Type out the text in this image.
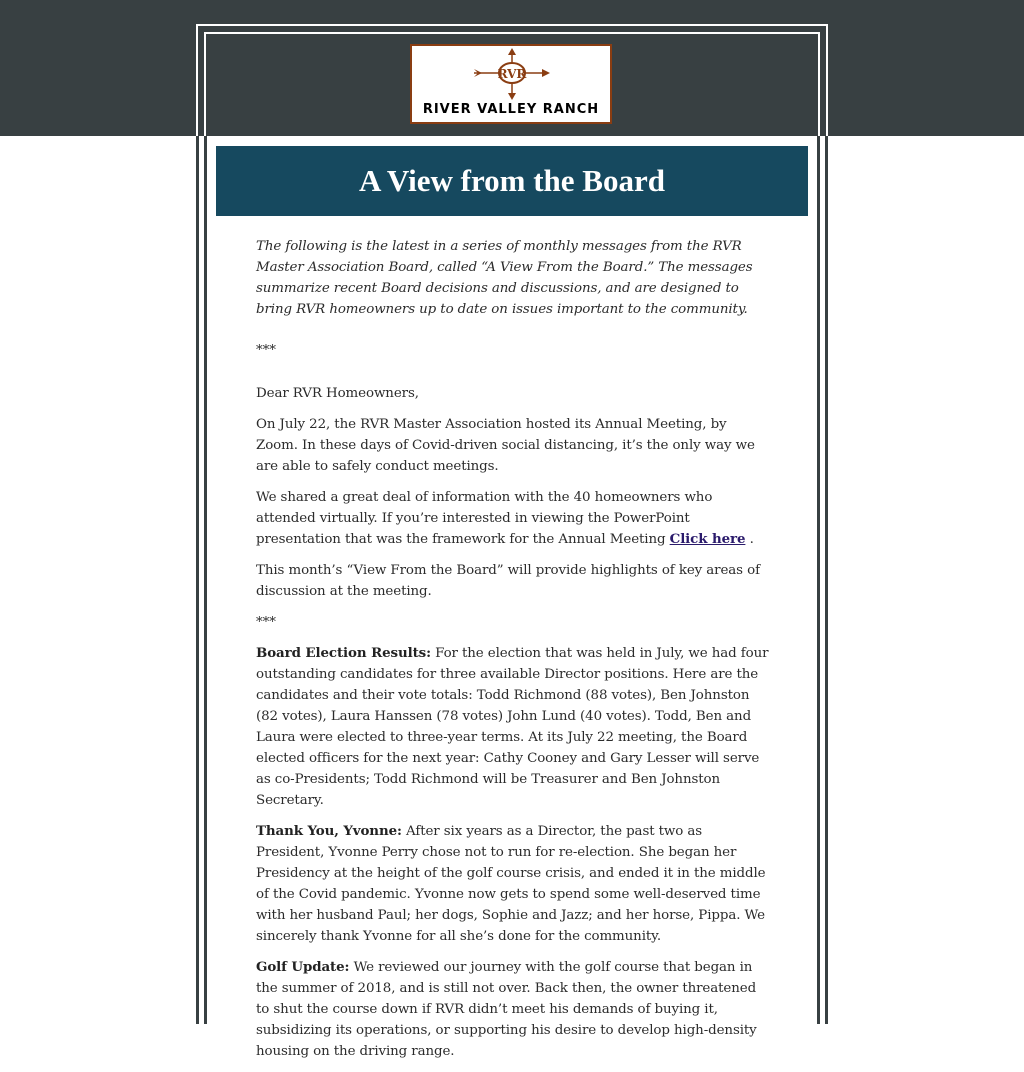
RVR
RIVER VALLEY RANCH
A View from the Board

The following is the latest in a series of monthly messages from the RVR Master Association Board, called “A View From the Board.” The messages summarize recent Board decisions and discussions, and are designed to bring RVR homeowners up to date on issues important to the community.

***

Dear RVR Homeowners,

On July 22, the RVR Master Association hosted its Annual Meeting, by Zoom. In these days of Covid-driven social distancing, it’s the only way we are able to safely conduct meetings.

We shared a great deal of information with the 40 homeowners who attended virtually. If you’re interested in viewing the PowerPoint presentation that was the framework for the Annual Meeting Click here .

This month’s “View From the Board” will provide highlights of key areas of discussion at the meeting.

***

Board Election Results: For the election that was held in July, we had four outstanding candidates for three available Director positions. Here are the candidates and their vote totals: Todd Richmond (88 votes), Ben Johnston (82 votes), Laura Hanssen (78 votes) John Lund (40 votes). Todd, Ben and Laura were elected to three-year terms. At its July 22 meeting, the Board elected officers for the next year: Cathy Cooney and Gary Lesser will serve as co-Presidents; Todd Richmond will be Treasurer and Ben Johnston Secretary.

Thank You, Yvonne: After six years as a Director, the past two as President, Yvonne Perry chose not to run for re-election. She began her Presidency at the height of the golf course crisis, and ended it in the middle of the Covid pandemic. Yvonne now gets to spend some well-deserved time with her husband Paul; her dogs, Sophie and Jazz; and her horse, Pippa. We sincerely thank Yvonne for all she’s done for the community.

Golf Update: We reviewed our journey with the golf course that began in the summer of 2018, and is still not over. Back then, the owner threatened to shut the course down if RVR didn’t meet his demands of buying it, subsidizing its operations, or supporting his desire to develop high-density housing on the driving range.
